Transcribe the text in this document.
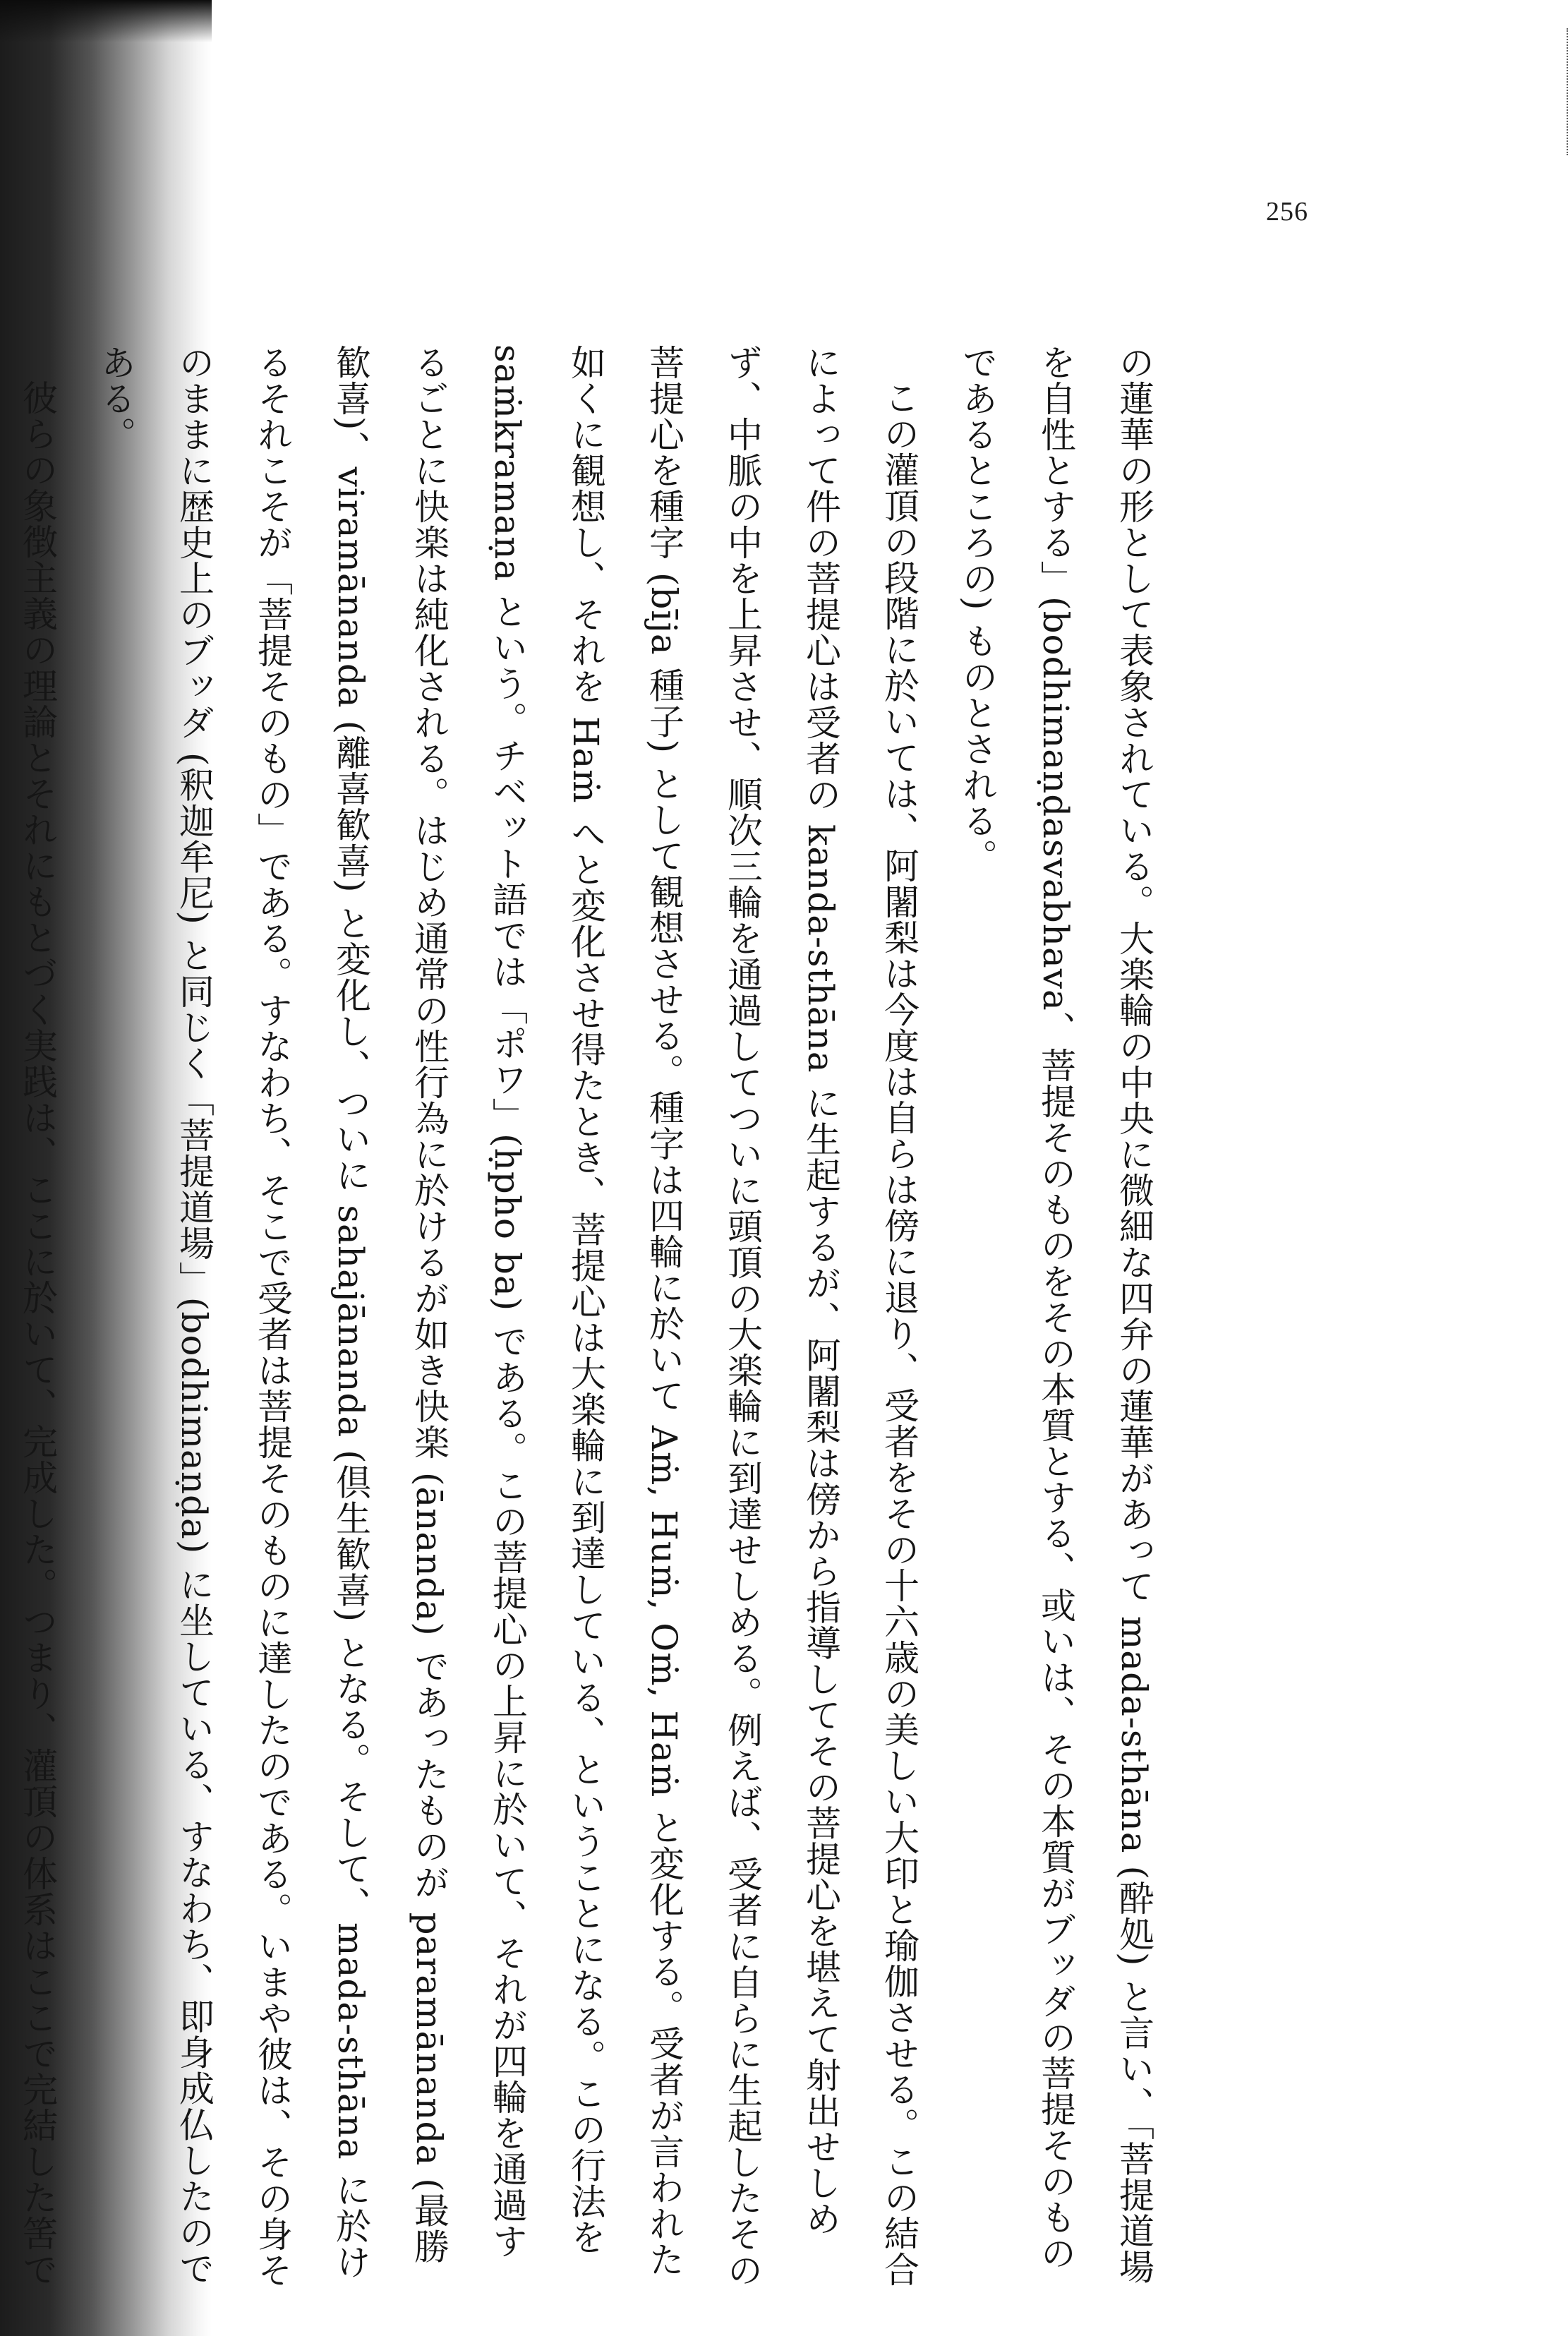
256

の蓮華の形として表象されている。大楽輪の中央に微細な四弁の蓮華があって mada-sthāna (酔処) と言い、「菩提道場を自性とする」(bodhimaṇḍasvabhava、菩提そのものをその本質とする、或いは、その本質がブッダの菩提そのものであるところの) ものとされる。

この灌頂の段階に於いては、阿闍梨は今度は自らは傍に退り、受者をその十六歳の美しい大印と瑜伽させる。この結合によって件の菩提心は受者の kanda-sthāna に生起するが、阿闍梨は傍から指導してその菩提心を堪えて射出せしめず、中脈の中を上昇させ、順次三輪を通過してついに頭頂の大楽輪に到達せしめる。例えば、受者に自らに生起したその菩提心を種字 (bīja 種子) として観想させる。種字は四輪に於いて Aṁ, Huṁ, Oṁ, Haṁ と変化する。受者が言われた如くに観想し、それを Haṁ へと変化させ得たとき、菩提心は大楽輪に到達している、ということになる。この行法を saṁkramaṇa という。チベット語では「ポワ」(ḥpho ba) である。この菩提心の上昇に於いて、それが四輪を通過するごとに快楽は純化される。はじめ通常の性行為に於けるが如き快楽 (ānanda) であったものが paramānanda (最勝歓喜)、viramānanda (離喜歓喜) と変化し、ついに sahajānanda (倶生歓喜) となる。そして、mada-sthāna に於けるそれこそが「菩提そのもの」である。すなわち、そこで受者は菩提そのものに達したのである。いまや彼は、その身そのままに歴史上のブッダ (釈迦牟尼) と同じく「菩提道場」(bodhimaṇḍa) に坐している、すなわち、即身成仏したのである。

彼らの象徴主義の理論とそれにもとづく実践は、ここに於いて、完成した。つまり、灌頂の体系はここで完結した筈で
